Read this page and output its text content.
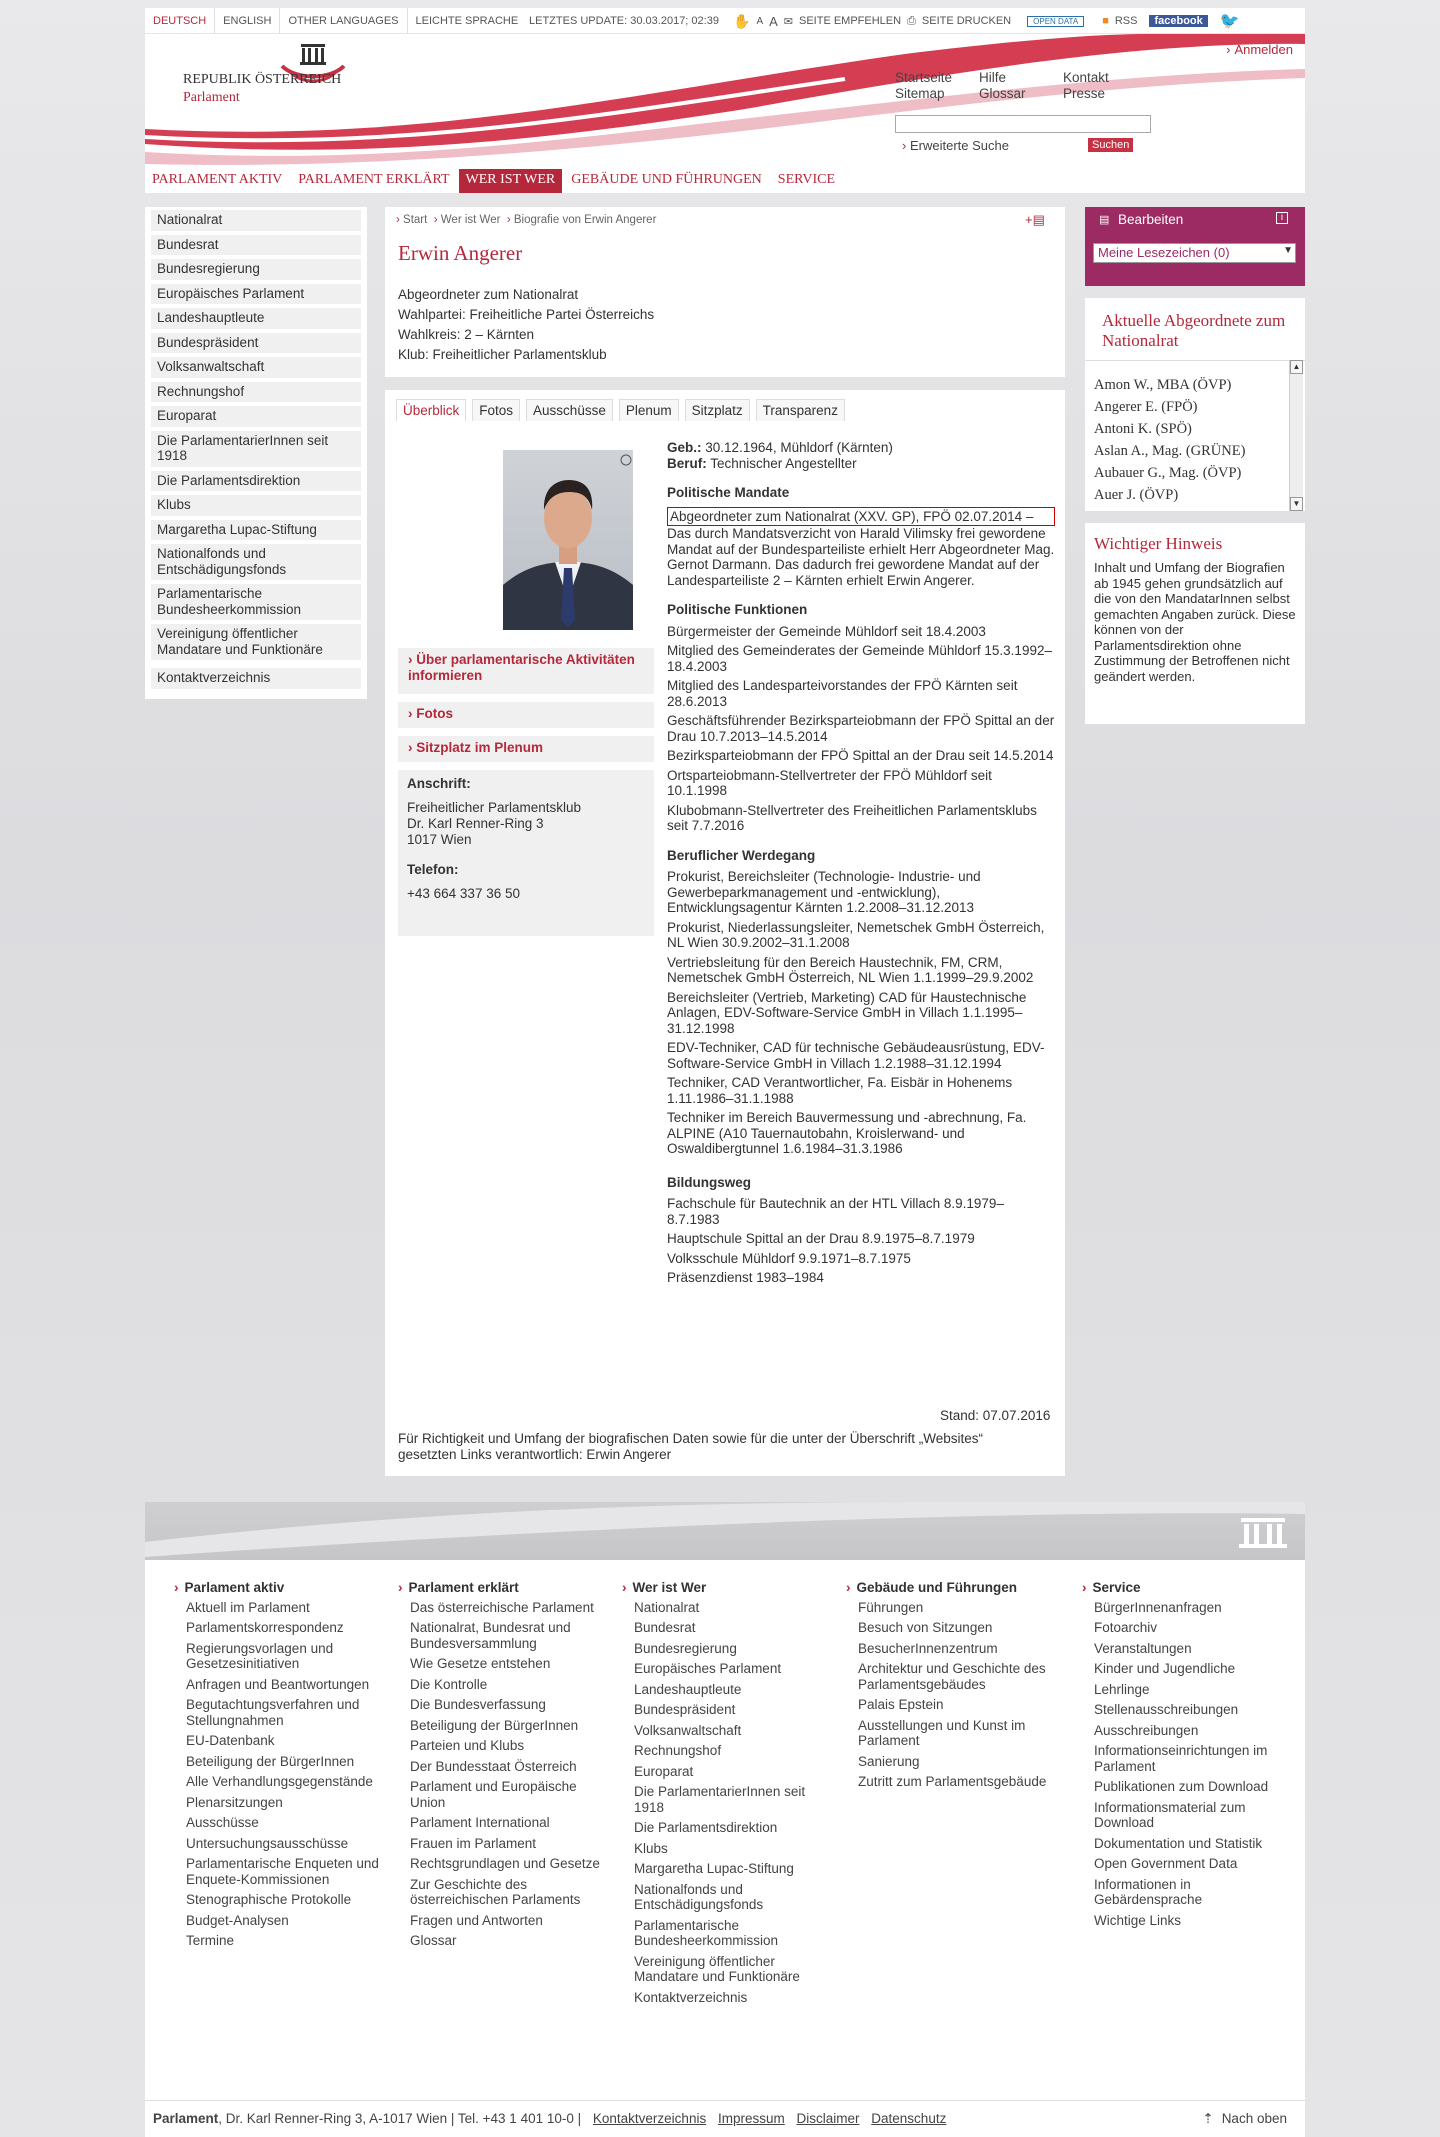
DEUTSCH	ENGLISH	OTHER LANGUAGES	LEICHTE SPRACHE LETZTES UPDATE: 30.03.2017; 02:39 ✋ A A ✉ SEITE EMPFEHLEN ⎙ SEITE DRUCKEN	OPEN DATA	■ RSS	facebook	🐦
› Anmelden
REPUBLIK ÖSTERREICH
Parlament
Startseite	Hilfe	Kontakt
Sitemap	Glossar	Presse
› Erweiterte Suche	Suchen
PARLAMENT AKTIV	PARLAMENT ERKLÄRT	WER IST WER	GEBÄUDE UND FÜHRUNGEN	SERVICE
Nationalrat
Bundesrat
Bundesregierung
Europäisches Parlament
Landeshauptleute
Bundespräsident
Volksanwaltschaft
Rechnungshof
Europarat
Die ParlamentarierInnen seit 1918
Die Parlamentsdirektion
Klubs
Margaretha Lupac-Stiftung
Nationalfonds und Entschädigungsfonds
Parlamentarische Bundesheerkommission
Vereinigung öffentlicher Mandatare und Funktionäre
Kontaktverzeichnis
› Start › Wer ist Wer › Biografie von Erwin Angerer	+▤
Erwin Angerer
Abgeordneter zum Nationalrat
Wahlpartei: Freiheitliche Partei Österreichs
Wahlkreis: 2 – Kärnten
Klub: Freiheitlicher Parlamentsklub
Überblick	Fotos	Ausschüsse	Plenum	Sitzplatz	Transparenz
› Über parlamentarische Aktivitäten informieren
› Fotos
› Sitzplatz im Plenum
Anschrift:
Freiheitlicher Parlamentsklub
Dr. Karl Renner-Ring 3
1017 Wien
Telefon:
+43 664 337 36 50
Geb.: 30.12.1964, Mühldorf (Kärnten)
Beruf: Technischer Angestellter
Politische Mandate
Abgeordneter zum Nationalrat (XXV. GP), FPÖ 02.07.2014 –

Das durch Mandatsverzicht von Harald Vilimsky frei gewordene Mandat auf der Bundesparteiliste erhielt Herr Abgeordneter Mag. Gernot Darmann. Das dadurch frei gewordene Mandat auf der Landesparteiliste 2 – Kärnten erhielt Erwin Angerer.

Politische Funktionen

Bürgermeister der Gemeinde Mühldorf seit 18.4.2003

Mitglied des Gemeinderates der Gemeinde Mühldorf 15.3.1992–18.4.2003

Mitglied des Landesparteivorstandes der FPÖ Kärnten seit 28.6.2013

Geschäftsführender Bezirksparteiobmann der FPÖ Spittal an der Drau 10.7.2013–14.5.2014

Bezirksparteiobmann der FPÖ Spittal an der Drau seit 14.5.2014

Ortsparteiobmann-Stellvertreter der FPÖ Mühldorf seit 10.1.1998

Klubobmann-Stellvertreter des Freiheitlichen Parlamentsklubs seit 7.7.2016

Beruflicher Werdegang

Prokurist, Bereichsleiter (Technologie- Industrie- und Gewerbeparkmanagement und -entwicklung), Entwicklungsagentur Kärnten 1.2.2008–31.12.2013

Prokurist, Niederlassungsleiter, Nemetschek GmbH Österreich, NL Wien 30.9.2002–31.1.2008

Vertriebsleitung für den Bereich Haustechnik, FM, CRM, Nemetschek GmbH Österreich, NL Wien 1.1.1999–29.9.2002

Bereichsleiter (Vertrieb, Marketing) CAD für Haustechnische Anlagen, EDV-Software-Service GmbH in Villach 1.1.1995–31.12.1998

EDV-Techniker, CAD für technische Gebäudeausrüstung, EDV-Software-Service GmbH in Villach 1.2.1988–31.12.1994

Techniker, CAD Verantwortlicher, Fa. Eisbär in Hohenems 1.11.1986–31.1.1988

Techniker im Bereich Bauvermessung und -abrechnung, Fa. ALPINE (A10 Tauernautobahn, Kroislerwand- und Oswaldibergtunnel 1.6.1984–31.3.1986

Bildungsweg

Fachschule für Bautechnik an der HTL Villach 8.9.1979–8.7.1983

Hauptschule Spittal an der Drau 8.9.1975–8.7.1979

Volksschule Mühldorf 9.9.1971–8.7.1975

Präsenzdienst 1983–1984

Stand: 07.07.2016
Für Richtigkeit und Umfang der biografischen Daten sowie für die unter der Überschrift „Websites“ gesetzten Links verantwortlich: Erwin Angerer
▤ Bearbeiten	i
Meine Lesezeichen (0)	▼
Aktuelle Abgeordnete zum Nationalrat
Amon W., MBA (ÖVP)
Angerer E. (FPÖ)
Antoni K. (SPÖ)
Aslan A., Mag. (GRÜNE)
Aubauer G., Mag. (ÖVP)
Auer J. (ÖVP)
▲
▼
Wichtiger Hinweis
Inhalt und Umfang der Biografien ab 1945 gehen grundsätzlich auf die von den MandatarInnen selbst gemachten Angaben zurück. Diese können von der Parlamentsdirektion ohne Zustimmung der Betroffenen nicht geändert werden.
› Parlament aktiv
Aktuell im Parlament
Parlamentskorrespondenz
Regierungsvorlagen und Gesetzesinitiativen
Anfragen und Beantwortungen
Begutachtungsverfahren und Stellungnahmen
EU-Datenbank
Beteiligung der BürgerInnen
Alle Verhandlungsgegenstände
Plenarsitzungen
Ausschüsse
Untersuchungsausschüsse
Parlamentarische Enqueten und Enquete-Kommissionen
Stenographische Protokolle
Budget-Analysen
Termine
› Parlament erklärt
Das österreichische Parlament
Nationalrat, Bundesrat und Bundesversammlung
Wie Gesetze entstehen
Die Kontrolle
Die Bundesverfassung
Beteiligung der BürgerInnen
Parteien und Klubs
Der Bundesstaat Österreich
Parlament und Europäische Union
Parlament International
Frauen im Parlament
Rechtsgrundlagen und Gesetze
Zur Geschichte des österreichischen Parlaments
Fragen und Antworten
Glossar
› Wer ist Wer
Nationalrat
Bundesrat
Bundesregierung
Europäisches Parlament
Landeshauptleute
Bundespräsident
Volksanwaltschaft
Rechnungshof
Europarat
Die ParlamentarierInnen seit 1918
Die Parlamentsdirektion
Klubs
Margaretha Lupac-Stiftung
Nationalfonds und Entschädigungsfonds
Parlamentarische Bundesheerkommission
Vereinigung öffentlicher Mandatare und Funktionäre
Kontaktverzeichnis
› Gebäude und Führungen
Führungen
Besuch von Sitzungen
BesucherInnenzentrum
Architektur und Geschichte des Parlamentsgebäudes
Palais Epstein
Ausstellungen und Kunst im Parlament
Sanierung
Zutritt zum Parlamentsgebäude
› Service
BürgerInnenanfragen
Fotoarchiv
Veranstaltungen
Kinder und Jugendliche
Lehrlinge
Stellenausschreibungen
Ausschreibungen
Informationseinrichtungen im Parlament
Publikationen zum Download
Informationsmaterial zum Download
Dokumentation und Statistik
Open Government Data
Informationen in Gebärdensprache
Wichtige Links
Parlament, Dr. Karl Renner-Ring 3, A-1017 Wien | Tel. +43 1 401 10-0 | Kontaktverzeichnis Impressum Disclaimer Datenschutz	⇡ Nach oben
